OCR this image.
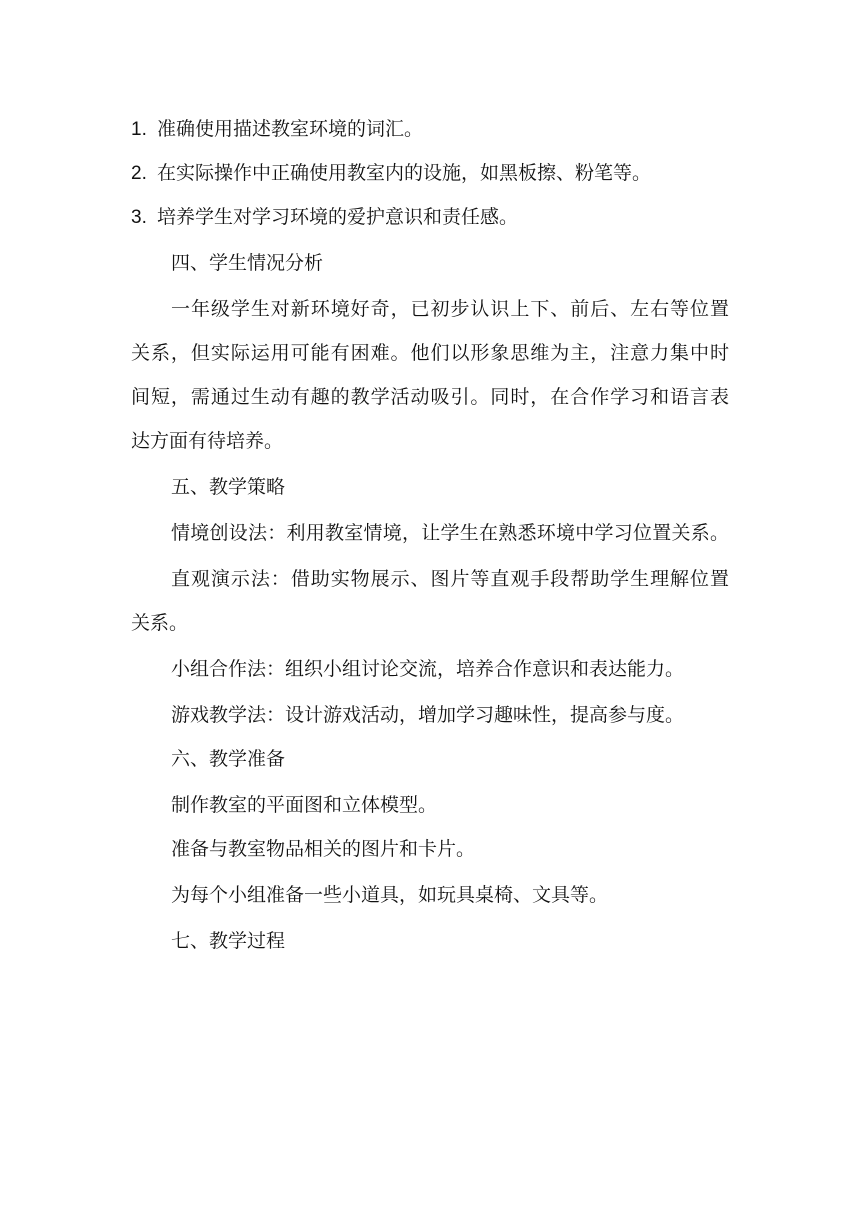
1. 准确使用描述教室环境的词汇。
2. 在实际操作中正确使用教室内的设施，如黑板擦、粉笔等。
3. 培养学生对学习环境的爱护意识和责任感。
四、学生情况分析
一年级学生对新环境好奇，已初步认识上下、前后、左右等位置
关系，但实际运用可能有困难。他们以形象思维为主，注意力集中时
间短，需通过生动有趣的教学活动吸引。同时，在合作学习和语言表
达方面有待培养。
五、教学策略
情境创设法：利用教室情境，让学生在熟悉环境中学习位置关系。
直观演示法：借助实物展示、图片等直观手段帮助学生理解位置
关系。
小组合作法：组织小组讨论交流，培养合作意识和表达能力。
游戏教学法：设计游戏活动，增加学习趣味性，提高参与度。
六、教学准备
制作教室的平面图和立体模型。
准备与教室物品相关的图片和卡片。
为每个小组准备一些小道具，如玩具桌椅、文具等。
七、教学过程
